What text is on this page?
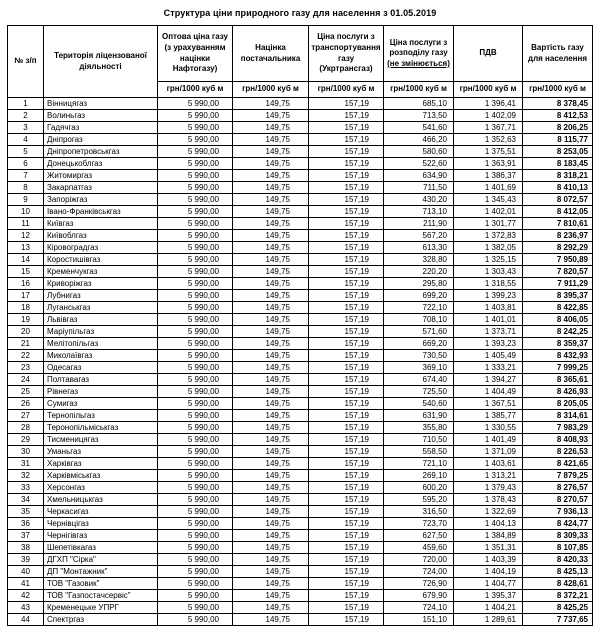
Структура ціни природного газу для населення з 01.05.2019
№ з/п	Територія ліцензованої діяльності	Оптова ціна газу (з урахуванням націнки Нафтогазу)	Націнка постачальника	Ціна послуги з транспортування газу (Укртрансгаз)	Ціна послуги з розподілу газу (не змінюється)	ПДВ	Вартість газу для населення
		грн/1000 куб м	грн/1000 куб м	грн/1000 куб м	грн/1000 куб м	грн/1000 куб м	грн/1000 куб м
1	Вінницягаз	5 990,00	149,75	157,19	685,10	1 396,41	8 378,45
2	Волиньгаз	5 990,00	149,75	157,19	713,50	1 402,09	8 412,53
3	Гадячгаз	5 990,00	149,75	157,19	541,60	1 367,71	8 206,25
4	Дніпрогаз	5 990,00	149,75	157,19	466,20	1 352,63	8 115,77
5	Дніпропетровськгаз	5 990,00	149,75	157,19	580,60	1 375,51	8 253,05
6	Донецькоблгаз	5 990,00	149,75	157,19	522,60	1 363,91	8 183,45
7	Житомиргаз	5 990,00	149,75	157,19	634,90	1 386,37	8 318,21
8	Закарпатгаз	5 990,00	149,75	157,19	711,50	1 401,69	8 410,13
9	Запоріжгаз	5 990,00	149,75	157,19	430,20	1 345,43	8 072,57
10	Івано-Франківськгаз	5 990,00	149,75	157,19	713,10	1 402,01	8 412,05
11	Київгаз	5 990,00	149,75	157,19	211,90	1 301,77	7 810,61
12	Київоблгаз	5 990,00	149,75	157,19	567,20	1 372,83	8 236,97
13	Кіровоградгаз	5 990,00	149,75	157,19	613,30	1 382,05	8 292,29
14	Коростишівгаз	5 990,00	149,75	157,19	328,80	1 325,15	7 950,89
15	Кременчукгаз	5 990,00	149,75	157,19	220,20	1 303,43	7 820,57
16	Криворіжгаз	5 990,00	149,75	157,19	295,80	1 318,55	7 911,29
17	Лубнигаз	5 990,00	149,75	157,19	699,20	1 399,23	8 395,37
18	Луганськгаз	5 990,00	149,75	157,19	722,10	1 403,81	8 422,85
19	Львівгаз	5 990,00	149,75	157,19	708,10	1 401,01	8 406,05
20	Маріупільгаз	5 990,00	149,75	157,19	571,60	1 373,71	8 242,25
21	Мелітопільгаз	5 990,00	149,75	157,19	669,20	1 393,23	8 359,37
22	Миколаївгаз	5 990,00	149,75	157,19	730,50	1 405,49	8 432,93
23	Одесагаз	5 990,00	149,75	157,19	369,10	1 333,21	7 999,25
24	Полтавагаз	5 990,00	149,75	157,19	674,40	1 394,27	8 365,61
25	Рівнегаз	5 990,00	149,75	157,19	725,50	1 404,49	8 426,93
26	Сумигаз	5 990,00	149,75	157,19	540,60	1 367,51	8 205,05
27	Тернопільгаз	5 990,00	149,75	157,19	631,90	1 385,77	8 314,61
28	Теронопільміськгаз	5 990,00	149,75	157,19	355,80	1 330,55	7 983,29
29	Тисменицягаз	5 990,00	149,75	157,19	710,50	1 401,49	8 408,93
30	Уманьгаз	5 990,00	149,75	157,19	558,50	1 371,09	8 226,53
31	Харківгаз	5 990,00	149,75	157,19	721,10	1 403,61	8 421,65
32	Харківміськгаз	5 990,00	149,75	157,19	269,10	1 313,21	7 879,25
33	Херсонгаз	5 990,00	149,75	157,19	600,20	1 379,43	8 276,57
34	Хмельницькгаз	5 990,00	149,75	157,19	595,20	1 378,43	8 270,57
35	Черкасигаз	5 990,00	149,75	157,19	316,50	1 322,69	7 936,13
36	Чернівцігаз	5 990,00	149,75	157,19	723,70	1 404,13	8 424,77
37	Чернігівгаз	5 990,00	149,75	157,19	627,50	1 384,89	8 309,33
38	Шепетівкагаз	5 990,00	149,75	157,19	459,60	1 351,31	8 107,85
39	ДГХП "Сірка"	5 990,00	149,75	157,19	720,00	1 403,39	8 420,33
40	ДП "Монтажник"	5 990,00	149,75	157,19	724,00	1 404,19	8 425,13
41	ТОВ "Газовик"	5 990,00	149,75	157,19	726,90	1 404,77	8 428,61
42	ТОВ "Газпостачсервіс"	5 990,00	149,75	157,19	679,90	1 395,37	8 372,21
43	Кременецьке УПРГ	5 990,00	149,75	157,19	724,10	1 404,21	8 425,25
44	Спектргаз	5 990,00	149,75	157,19	151,10	1 289,61	7 737,65
